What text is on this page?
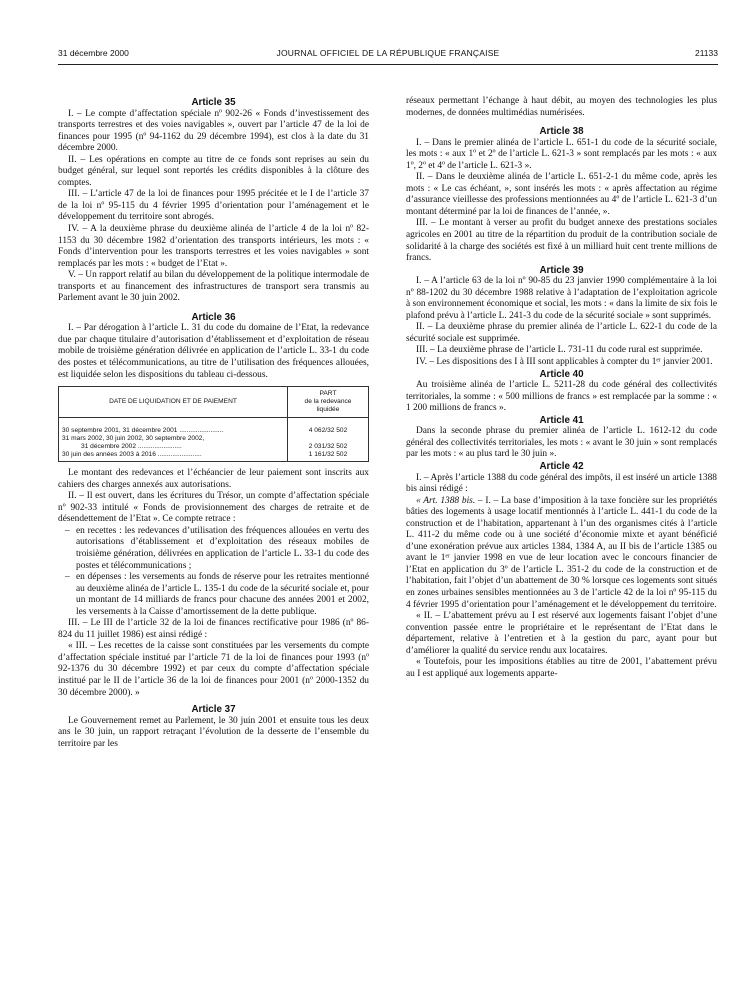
JOURNAL OFFICIEL DE LA RÉPUBLIQUE FRANÇAISE
31 décembre 2000	21133

Article 35

I. – Le compte d’affectation spéciale nº 902-26 « Fonds d’investissement des transports terrestres et des voies navigables », ouvert par l’article 47 de la loi de finances pour 1995 (nº 94-1162 du 29 décembre 1994), est clos à la date du 31 décembre 2000.

II. – Les opérations en compte au titre de ce fonds sont reprises au sein du budget général, sur lequel sont reportés les crédits disponibles à la clôture des comptes.

III. – L’article 47 de la loi de finances pour 1995 précitée et le I de l’article 37 de la loi nº 95-115 du 4 février 1995 d’orientation pour l’aménagement et le développement du territoire sont abrogés.

IV. – A la deuxième phrase du deuxième alinéa de l’article 4 de la loi nº 82-1153 du 30 décembre 1982 d’orientation des transports intérieurs, les mots : « Fonds d’intervention pour les transports terrestres et les voies navigables » sont remplacés par les mots : « budget de l’Etat ».

V. – Un rapport relatif au bilan du développement de la politique intermodale de transports et au financement des infrastructures de transport sera transmis au Parlement avant le 30 juin 2002.

Article 36

I. – Par dérogation à l’article L. 31 du code du domaine de l’Etat, la redevance due par chaque titulaire d’autorisation d’établissement et d’exploitation de réseau mobile de troisième génération délivrée en application de l’article L. 33-1 du code des postes et télécommunications, au titre de l’utilisation des fréquences allouées, est liquidée selon les dispositions du tableau ci-dessous.

DATE DE LIQUIDATION ET DE PAIEMENT	PART
de la redevance
liquidée

30 septembre 2001, 31 décembre 2001 .....	4 062/32 502
31 mars 2002, 30 juin 2002, 30 septembre 2002,	
31 décembre 2002 .....	2 031/32 502
30 juin des années 2003 à 2016 .....	1 161/32 502

Le montant des redevances et l’échéancier de leur paiement sont inscrits aux cahiers des charges annexés aux autorisations.

II. – Il est ouvert, dans les écritures du Trésor, un compte d’affectation spéciale nº 902-33 intitulé « Fonds de provisionnement des charges de retraite et de désendettement de l’Etat ». Ce compte retrace :

– en recettes : les redevances d’utilisation des fréquences allouées en vertu des autorisations d’établissement et d’exploitation des réseaux mobiles de troisième génération, délivrées en application de l’article L. 33-1 du code des postes et télécommunications ;
– en dépenses : les versements au fonds de réserve pour les retraites mentionné au deuxième alinéa de l’article L. 135-1 du code de la sécurité sociale et, pour un montant de 14 milliards de francs pour chacune des années 2001 et 2002, les versements à la Caisse d’amortissement de la dette publique.

III. – Le III de l’article 32 de la loi de finances rectificative pour 1986 (nº 86-824 du 11 juillet 1986) est ainsi rédigé :

« III. – Les recettes de la caisse sont constituées par les versements du compte d’affectation spéciale institué par l’article 71 de la loi de finances pour 1993 (nº 92-1376 du 30 décembre 1992) et par ceux du compte d’affectation spéciale institué par le II de l’article 36 de la loi de finances pour 2001 (nº 2000-1352 du 30 décembre 2000). »

Article 37

Le Gouvernement remet au Parlement, le 30 juin 2001 et ensuite tous les deux ans le 30 juin, un rapport retraçant l’évolution de la desserte de l’ensemble du territoire par les

réseaux permettant l’échange à haut débit, au moyen des technologies les plus modernes, de données multimédias numérisées.

Article 38

I. – Dans le premier alinéa de l’article L. 651-1 du code de la sécurité sociale, les mots : « aux 1º et 2º de l’article L. 621-3 » sont remplacés par les mots : « aux 1º, 2º et 4º de l’article L. 621-3 ».

II. – Dans le deuxième alinéa de l’article L. 651-2-1 du même code, après les mots : « Le cas échéant, », sont insérés les mots : « après affectation au régime d’assurance vieillesse des professions mentionnées au 4º de l’article L. 621-3 d’un montant déterminé par la loi de finances de l’année, ».

III. – Le montant à verser au profit du budget annexe des prestations sociales agricoles en 2001 au titre de la répartition du produit de la contribution sociale de solidarité à la charge des sociétés est fixé à un milliard huit cent trente millions de francs.

Article 39

I. – A l’article 63 de la loi nº 90-85 du 23 janvier 1990 complémentaire à la loi nº 88-1202 du 30 décembre 1988 relative à l’adaptation de l’exploitation agricole à son environnement économique et social, les mots : « dans la limite de six fois le plafond prévu à l’article L. 241-3 du code de la sécurité sociale » sont supprimés.

II. – La deuxième phrase du premier alinéa de l’article L. 622-1 du code de la sécurité sociale est supprimée.

III. – La deuxième phrase de l’article L. 731-11 du code rural est supprimée.

IV. – Les dispositions des I à III sont applicables à compter du 1ᵉʳ janvier 2001.

Article 40

Au troisième alinéa de l’article L. 5211-28 du code général des collectivités territoriales, la somme : « 500 millions de francs » est remplacée par la somme : « 1 200 millions de francs ».

Article 41

Dans la seconde phrase du premier alinéa de l’article L. 1612-12 du code général des collectivités territoriales, les mots : « avant le 30 juin » sont remplacés par les mots : « au plus tard le 30 juin ».

Article 42

I. – Après l’article 1388 du code général des impôts, il est inséré un article 1388 bis ainsi rédigé :

« Art. 1388 bis. – I. – La base d’imposition à la taxe foncière sur les propriétés bâties des logements à usage locatif mentionnés à l’article L. 441-1 du code de la construction et de l’habitation, appartenant à l’un des organismes cités à l’article L. 411-2 du même code ou à une société d’économie mixte et ayant bénéficié d’une exonération prévue aux articles 1384, 1384 A, au II bis de l’article 1385 ou avant le 1ᵉʳ janvier 1998 en vue de leur location avec le concours financier de l’Etat en application du 3º de l’article L. 351-2 du code de la construction et de l’habitation, fait l’objet d’un abattement de 30 % lorsque ces logements sont situés en zones urbaines sensibles mentionnées au 3 de l’article 42 de la loi nº 95-115 du 4 février 1995 d’orientation pour l’aménagement et le développement du territoire.

« II. – L’abattement prévu au I est réservé aux logements faisant l’objet d’une convention passée entre le propriétaire et le représentant de l’Etat dans le département, relative à l’entretien et à la gestion du parc, ayant pour but d’améliorer la qualité du service rendu aux locataires.

« Toutefois, pour les impositions établies au titre de 2001, l’abattement prévu au I est appliqué aux logements apparte-
